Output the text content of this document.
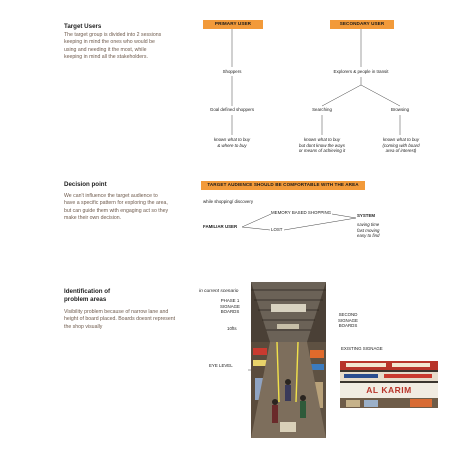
Target Users
The target group is divided into 2 sessions keeping in mind the ones who would be using and needing it the most, while keeping in mind all the stakeholders.
PRIMARY USER	SECONDARY USER
Shoppers	Explorers & people in transit
Goal defined shoppers	Searching	Browsing
knows what to buy
& where to buy
knows what to buy
but dont know the ways
or means of achieving it
knows what to buy
(coming with board
area of interest)
Decision point
We can't influence the target audience to have a specific pattern for exploring the area, but can guide them with engaging act so they make their own decision.
TARGET AUDIENCE SHOULD BE COMFORTABLE WITH THE AREA
while shopping/ discovery
FAMILIAR USER
MEMORY BASED SHOPPING
LOST
SYSTEM
saving time
fast moving
easy to find
Identification of
problem areas
Visibility problem because of narrow lane and height of board placed. Boards doesnt represent the shop visually
in current scenario
PHASE 1
SIGNAGE
BOARDS
10fts
EYE LEVEL
SECOND
SIGNAGE
BOARDS
EXISTING SIGNAGE
AL KARIM
